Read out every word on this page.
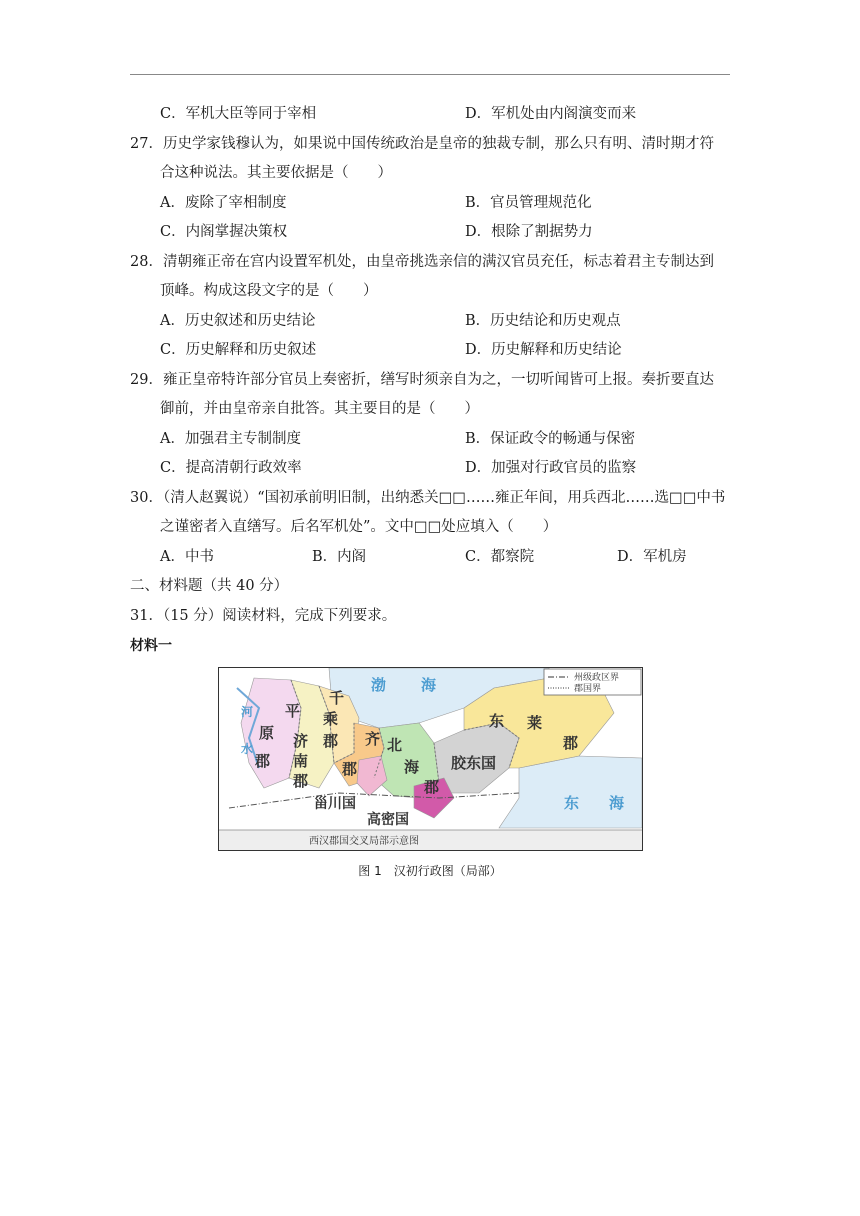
C．军机大臣等同于宰相	D．军机处由内阁演变而来
27．历史学家钱穆认为，如果说中国传统政治是皇帝的独裁专制，那么只有明、清时期才符
合这种说法。其主要依据是（　　）
A．废除了宰相制度	B．官员管理规范化
C．内阁掌握决策权	D．根除了割据势力
28．清朝雍正帝在宫内设置军机处，由皇帝挑选亲信的满汉官员充任，标志着君主专制达到
顶峰。构成这段文字的是（　　）
A．历史叙述和历史结论	B．历史结论和历史观点
C．历史解释和历史叙述	D．历史解释和历史结论
29．雍正皇帝特许部分官员上奏密折，缮写时须亲自为之，一切听闻皆可上报。奏折要直达
御前，并由皇帝亲自批答。其主要目的是（　　）
A．加强君主专制制度	B．保证政令的畅通与保密
C．提高清朝行政效率	D．加强对行政官员的监察
30．（清人赵翼说）“国初承前明旧制，出纳悉关□□……雍正年间，用兵西北……选□□中书
之谨密者入直缮写。后名军机处”。文中□□处应填入（　　）
A．中书	B．内阁	C．都察院	D．军机房
二、材料题（共 40 分）
31．（15 分）阅读材料，完成下列要求。
材料一
州级政区界
郡国界
渤 海
东 海
河
水
平
原
郡
济
南
郡
千
乘
郡 齐
郡
北
海
郡
胶东国
东 莱
郡
甾川国
高密国
西汉郡国交叉局部示意图
图 1　汉初行政图（局部）
